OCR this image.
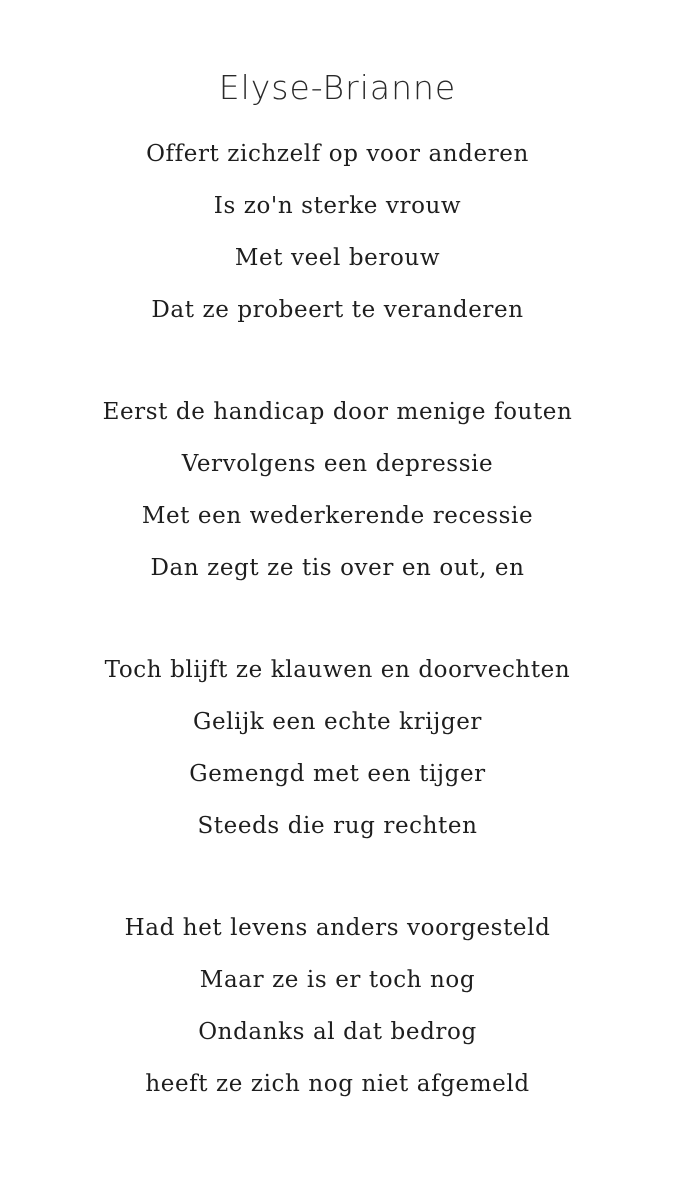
Elyse-Brianne

Offert zichzelf op voor anderen
Is zo'n sterke vrouw
Met veel berouw
Dat ze probeert te veranderen

Eerst de handicap door menige fouten
Vervolgens een depressie
Met een wederkerende recessie
Dan zegt ze tis over en out, en

Toch blijft ze klauwen en doorvechten
Gelijk een echte krijger
Gemengd met een tijger
Steeds die rug rechten

Had het levens anders voorgesteld
Maar ze is er toch nog
Ondanks al dat bedrog
heeft ze zich nog niet afgemeld
